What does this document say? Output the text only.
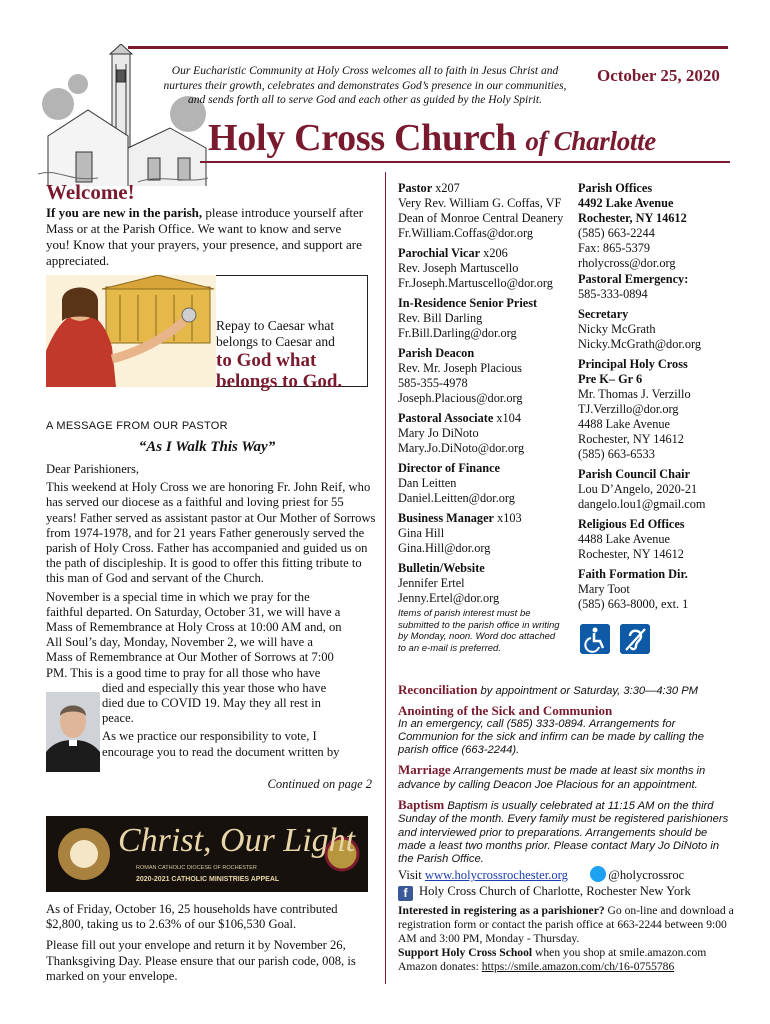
Our Eucharistic Community at Holy Cross welcomes all to faith in Jesus Christ and
nurtures their growth, celebrates and demonstrates God’s presence in our communities,
and sends forth all to serve God and each other as guided by the Holy Spirit.
October 25, 2020
Holy Cross Church of Charlotte
Welcome!
If you are new in the parish, please introduce yourself after Mass or at the Parish Office. We want to know and serve you! Know that your prayers, your presence, and support are appreciated.
Repay to Caesar what
belongs to Caesar and
to God what
belongs to God.
A MESSAGE FROM OUR PASTOR
“As I Walk This Way”
Dear Parishioners,
This weekend at Holy Cross we are honoring Fr. John Reif, who has served our diocese as a faithful and loving priest for 55 years! Father served as assistant pastor at Our Mother of Sorrows from 1974-1978, and for 21 years Father generously served the parish of Holy Cross. Father has accompanied and guided us on the path of discipleship. It is good to offer this fitting tribute to this man of God and servant of the Church.
November is a special time in which we pray for the
faithful departed. On Saturday, October 31, we will have a
Mass of Remembrance at Holy Cross at 10:00 AM and, on
All Soul’s day, Monday, November 2, we will have a
Mass of Remembrance at Our Mother of Sorrows at 7:00
PM. This is a good time to pray for all those who have
died and especially this year those who have
died due to COVID 19. May they all rest in
peace.
As we practice our responsibility to vote, I
encourage you to read the document written by
Continued on page 2
Christ, Our Light
ROMAN CATHOLIC DIOCESE OF ROCHESTER
2020-2021 CATHOLIC MINISTRIES APPEAL
As of Friday, October 16, 25 households have contributed $2,800, taking us to 2.63% of our $106,530 Goal.
Please fill out your envelope and return it by November 26, Thanksgiving Day. Please ensure that our parish code, 008, is marked on your envelope.
Pastor x207
Very Rev. William G. Coffas, VF
Dean of Monroe Central Deanery
Fr.William.Coffas@dor.org
Parochial Vicar x206
Rev. Joseph Martuscello
Fr.Joseph.Martuscello@dor.org
In-Residence Senior Priest
Rev. Bill Darling
Fr.Bill.Darling@dor.org
Parish Deacon
Rev. Mr. Joseph Placious
585-355-4978
Joseph.Placious@dor.org
Pastoral Associate x104
Mary Jo DiNoto
Mary.Jo.DiNoto@dor.org
Director of Finance
Dan Leitten
Daniel.Leitten@dor.org
Business Manager x103
Gina Hill
Gina.Hill@dor.org
Bulletin/Website
Jennifer Ertel
Jenny.Ertel@dor.org
Items of parish interest must be
submitted to the parish office in writing
by Monday, noon. Word doc attached
to an e-mail is preferred.
Parish Offices
4492 Lake Avenue
Rochester, NY 14612
(585) 663-2244
Fax: 865-5379
rholycross@dor.org
Pastoral Emergency:
585-333-0894
Secretary
Nicky McGrath
Nicky.McGrath@dor.org
Principal Holy Cross
Pre K– Gr 6
Mr. Thomas J. Verzillo
TJ.Verzillo@dor.org
4488 Lake Avenue
Rochester, NY 14612
(585) 663-6533
Parish Council Chair
Lou D’Angelo, 2020-21
dangelo.lou1@gmail.com
Religious Ed Offices
4488 Lake Avenue
Rochester, NY 14612
Faith Formation Dir.
Mary Toot
(585) 663-8000, ext. 1

Reconciliation by appointment or Saturday, 3:30—4:30 PM
Anointing of the Sick and Communion
In an emergency, call (585) 333-0894. Arrangements for Communion for the sick and infirm can be made by calling the parish office (663-2244).
Marriage Arrangements must be made at least six months in advance by calling Deacon Joe Placious for an appointment.
Baptism Baptism is usually celebrated at 11:15 AM on the third Sunday of the month. Every family must be registered parishioners and interviewed prior to preparations. Arrangements should be made a least two months prior. Please contact Mary Jo DiNoto in the Parish Office.
Visit www.holycrossrochester.org	@holycrossroc
f Holy Cross Church of Charlotte, Rochester New York
Interested in registering as a parishioner? Go on-line and download a registration form or contact the parish office at 663-2244 between 9:00 AM and 3:00 PM, Monday - Thursday.
Support Holy Cross School when you shop at smile.amazon.com
Amazon donates: https://smile.amazon.com/ch/16-0755786
